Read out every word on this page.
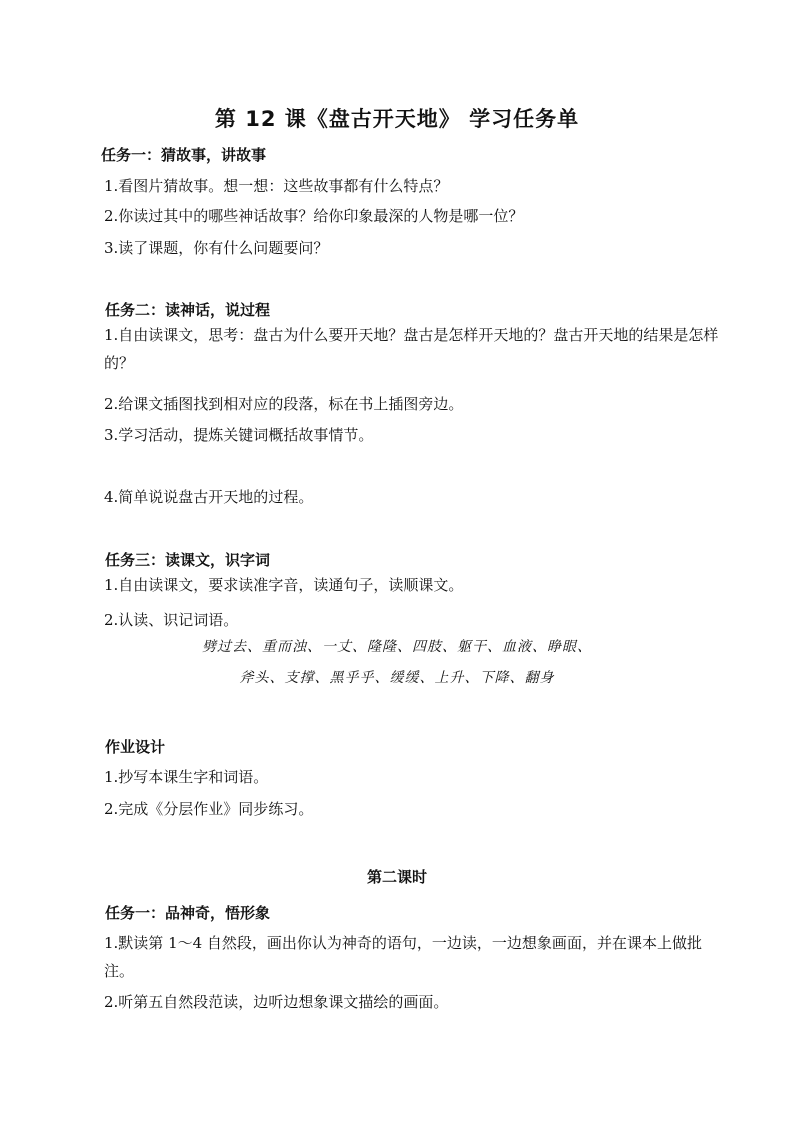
第 12 课《盘古开天地》 学习任务单
任务一：猜故事，讲故事
1.看图片猜故事。想一想：这些故事都有什么特点？
2.你读过其中的哪些神话故事？给你印象最深的人物是哪一位？
3.读了课题，你有什么问题要问？
任务二：读神话，说过程
1.自由读课文，思考：盘古为什么要开天地？盘古是怎样开天地的？盘古开天地的结果是怎样的？
2.给课文插图找到相对应的段落，标在书上插图旁边。
3.学习活动，提炼关键词概括故事情节。
4.简单说说盘古开天地的过程。
任务三：读课文，识字词
1.自由读课文，要求读准字音，读通句子，读顺课文。
2.认读、识记词语。
劈过去、重而浊、一丈、隆隆、四肢、躯干、血液、睁眼、
斧头、支撑、黑乎乎、缓缓、上升、下降、翻身
作业设计
1.抄写本课生字和词语。
2.完成《分层作业》同步练习。
第二课时
任务一：品神奇，悟形象
1.默读第 1～4 自然段，画出你认为神奇的语句，一边读，一边想象画面，并在课本上做批注。
2.听第五自然段范读，边听边想象课文描绘的画面。
